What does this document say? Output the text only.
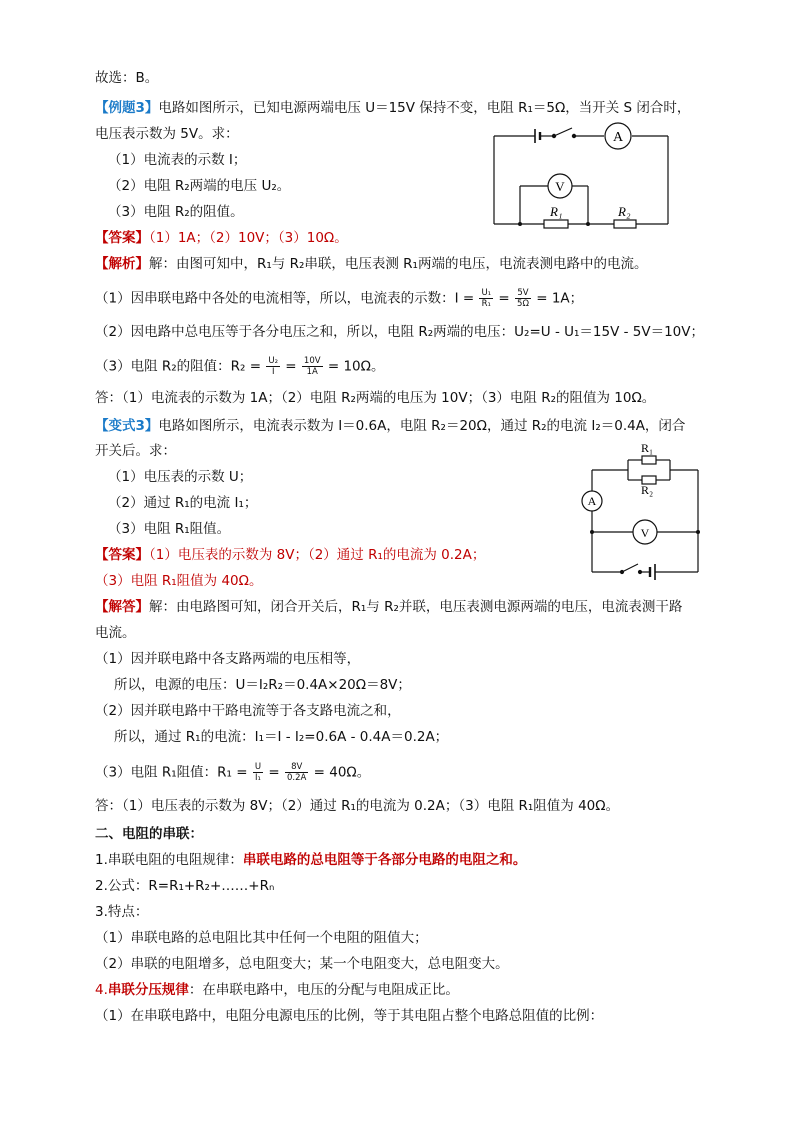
故选：B。
【例题3】电路如图所示，已知电源两端电压 U＝15V 保持不变，电阻 R₁＝5Ω，当开关 S 闭合时，
电压表示数为 5V。求：
（1）电流表的示数 I；
（2）电阻 R₂两端的电压 U₂。
（3）电阻 R₂的阻值。
【答案】（1）1A；（2）10V；（3）10Ω。
【解析】解：由图可知中，R₁与 R₂串联，电压表测 R₁两端的电压，电流表测电路中的电流。
（1）因串联电路中各处的电流相等，所以，电流表的示数：$I = \frac{\text{U₁}}{\text{R₁}} = \frac{5V}{5\Omega} = 1A$；
（2）因电路中总电压等于各分电压之和，所以，电阻 R₂两端的电压：U₂=U - U₁＝15V - 5V＝10V；
（3）电阻 R₂的阻值：$R_2 = \frac{\text{U₂}}{I} = \frac{10V}{1A} = 10\Omega$。
答：（1）电流表的示数为 1A；（2）电阻 R₂两端的电压为 10V；（3）电阻 R₂的阻值为 10Ω。
A
V
R₁	R₂
【变式3】电路如图所示，电流表示数为 I＝0.6A，电阻 R₂＝20Ω，通过 R₂的电流 I₂＝0.4A，闭合
开关后。求：
（1）电压表的示数 U；
（2）通过 R₁的电流 I₁；
（3）电阻 R₁阻值。
【答案】（1）电压表的示数为 8V；（2）通过 R₁的电流为 0.2A；
（3）电阻 R₁阻值为 40Ω。
【解答】解：由电路图可知，闭合开关后，R₁与 R₂并联，电压表测电源两端的电压，电流表测干路
电流。
（1）因并联电路中各支路两端的电压相等，
所以，电源的电压：U＝I₂R₂＝0.4A×20Ω＝8V；
（2）因并联电路中干路电流等于各支路电流之和，
所以，通过 R₁的电流：I₁＝I - I₂=0.6A - 0.4A＝0.2A；
（3）电阻 R₁阻值：$R_1 = \frac{U}{\text{I₁}} = \frac{8V}{0.2A} = 40\Omega$。
答：（1）电压表的示数为 8V；（2）通过 R₁的电流为 0.2A；（3）电阻 R₁阻值为 40Ω。
A
V
R₁
R₂
二、电阻的串联：
1.串联电阻的电阻规律：串联电路的总电阻等于各部分电路的电阻之和。
2.公式：R=R₁+R₂+……+Rₙ
3.特点：
（1）串联电路的总电阻比其中任何一个电阻的阻值大；
（2）串联的电阻增多，总电阻变大；某一个电阻变大，总电阻变大。
4.串联分压规律：在串联电路中，电压的分配与电阻成正比。
（1）在串联电路中，电阻分电源电压的比例，等于其电阻占整个电路总阻值的比例：
